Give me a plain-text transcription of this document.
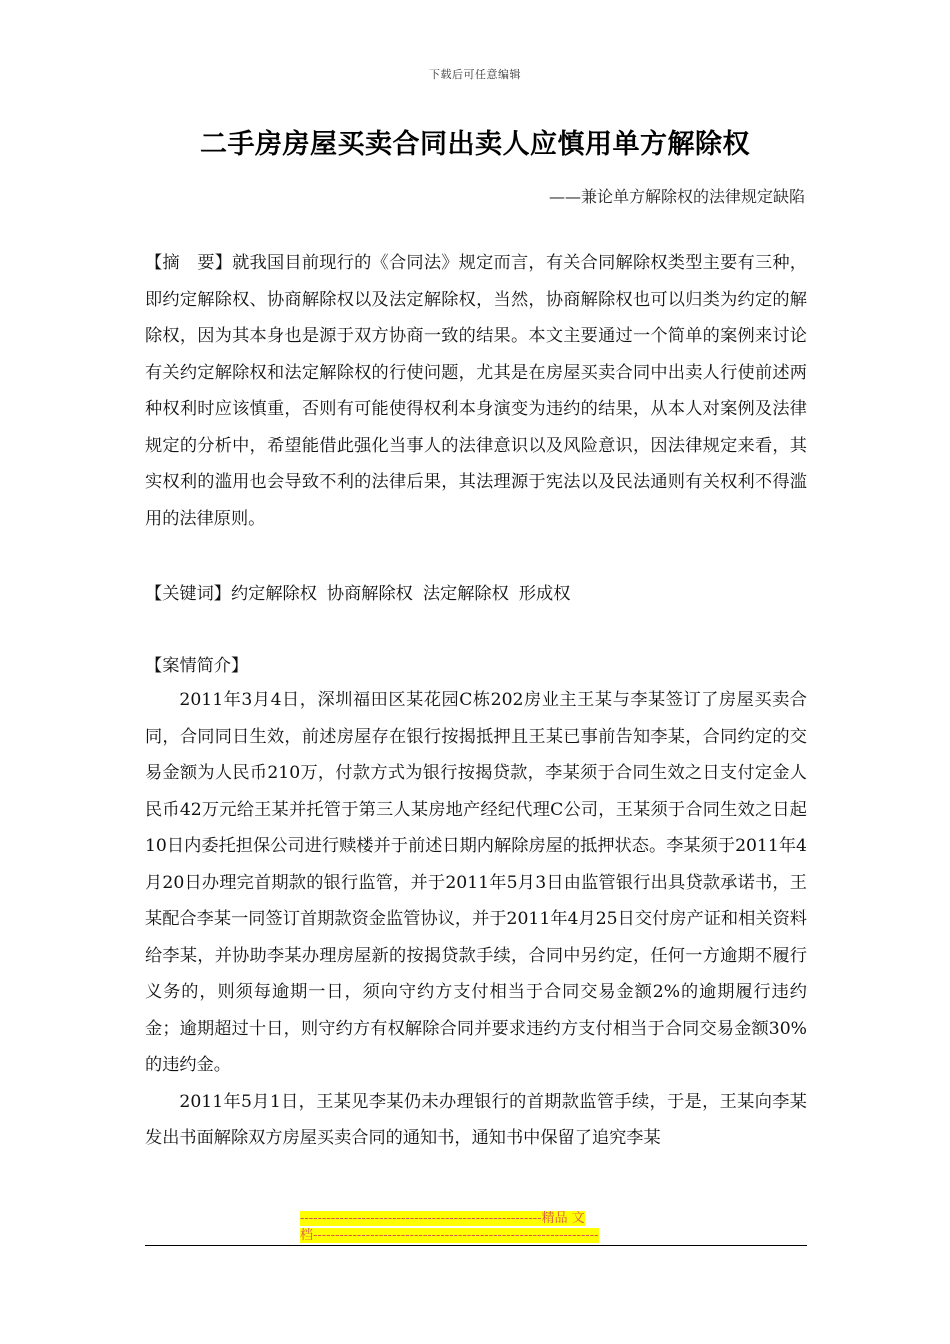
下载后可任意编辑
二手房房屋买卖合同出卖人应慎用单方解除权
——兼论单方解除权的法律规定缺陷
【摘　要】就我国目前现行的《合同法》规定而言，有关合同解除权类型主要有三种，即约定解除权、协商解除权以及法定解除权，当然，协商解除权也可以归类为约定的解除权，因为其本身也是源于双方协商一致的结果。本文主要通过一个简单的案例来讨论有关约定解除权和法定解除权的行使问题，尤其是在房屋买卖合同中出卖人行使前述两种权利时应该慎重，否则有可能使得权利本身演变为违约的结果，从本人对案例及法律规定的分析中，希望能借此强化当事人的法律意识以及风险意识，因法律规定来看，其实权利的滥用也会导致不利的法律后果，其法理源于宪法以及民法通则有关权利不得滥用的法律原则。
【关键词】约定解除权 协商解除权 法定解除权 形成权
【案情简介】

2011年3月4日，深圳福田区某花园C栋202房业主王某与李某签订了房屋买卖合同，合同同日生效，前述房屋存在银行按揭抵押且王某已事前告知李某，合同约定的交易金额为人民币210万，付款方式为银行按揭贷款，李某须于合同生效之日支付定金人民币42万元给王某并托管于第三人某房地产经纪代理C公司，王某须于合同生效之日起10日内委托担保公司进行赎楼并于前述日期内解除房屋的抵押状态。李某须于2011年4月20日办理完首期款的银行监管，并于2011年5月3日由监管银行出具贷款承诺书，王某配合李某一同签订首期款资金监管协议，并于2011年4月25日交付房产证和相关资料给李某，并协助李某办理房屋新的按揭贷款手续，合同中另约定，任何一方逾期不履行义务的，则须每逾期一日，须向守约方支付相当于合同交易金额2%的逾期履行违约金；逾期超过十日，则守约方有权解除合同并要求违约方支付相当于合同交易金额30%的违约金。

2011年5月1日，王某见李某仍未办理银行的首期款监管手续，于是，王某向李某发出书面解除双方房屋买卖合同的通知书，通知书中保留了追究李某

-------------------------------------------------------精品 文
档-----------------------------------------------------------------
